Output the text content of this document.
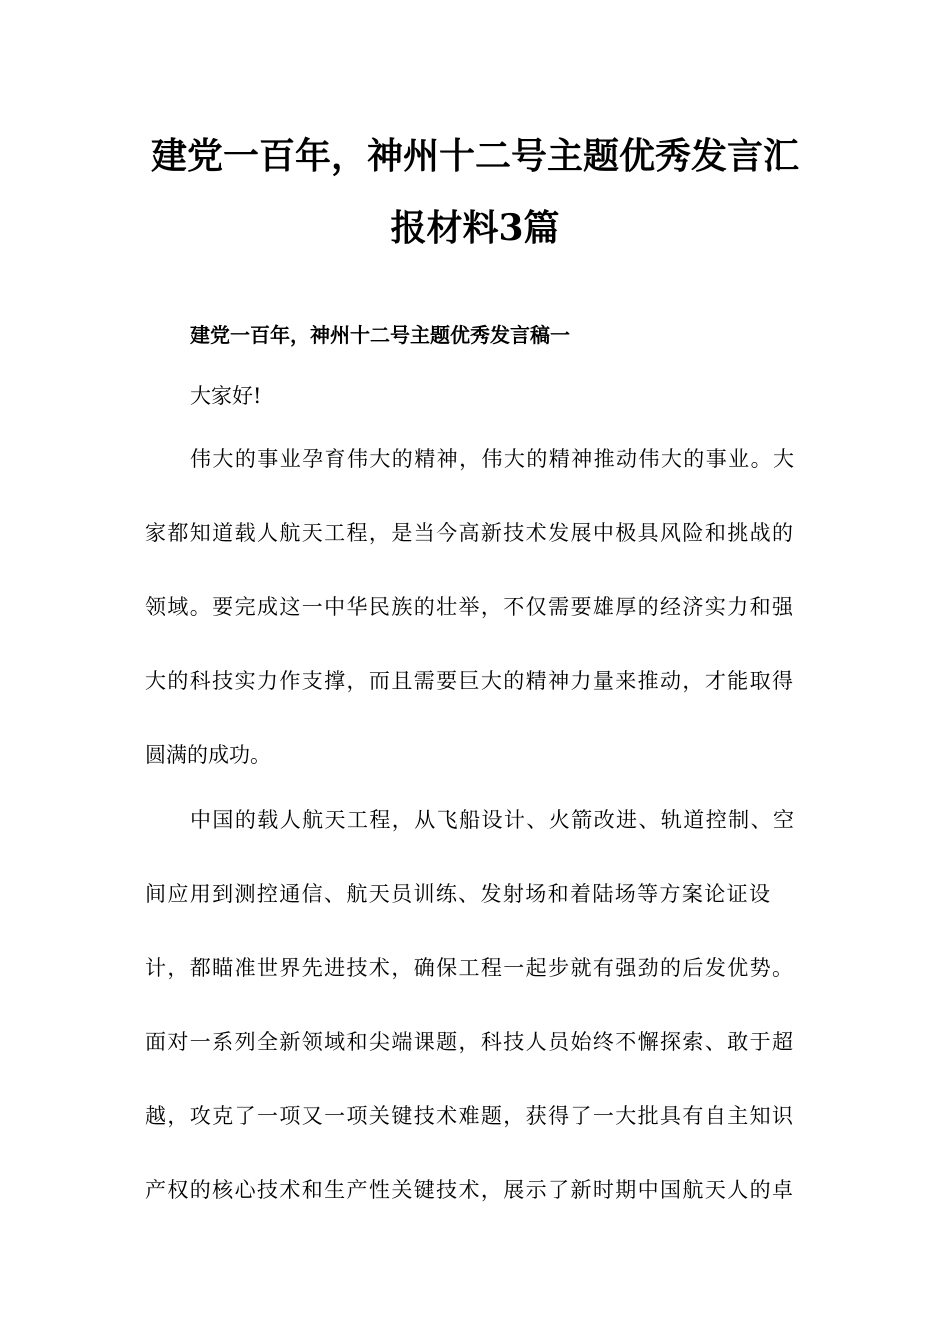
建党一百年，神州十二号主题优秀发言汇
报材料3篇
建党一百年，神州十二号主题优秀发言稿一
大家好!
伟大的事业孕育伟大的精神，伟大的精神推动伟大的事业。大
家都知道载人航天工程，是当今高新技术发展中极具风险和挑战的
领域。要完成这一中华民族的壮举，不仅需要雄厚的经济实力和强
大的科技实力作支撑，而且需要巨大的精神力量来推动，才能取得
圆满的成功。
中国的载人航天工程，从飞船设计、火箭改进、轨道控制、空
间应用到测控通信、航天员训练、发射场和着陆场等方案论证设
计，都瞄准世界先进技术，确保工程一起步就有强劲的后发优势。
面对一系列全新领域和尖端课题，科技人员始终不懈探索、敢于超
越，攻克了一项又一项关键技术难题，获得了一大批具有自主知识
产权的核心技术和生产性关键技术，展示了新时期中国航天人的卓
